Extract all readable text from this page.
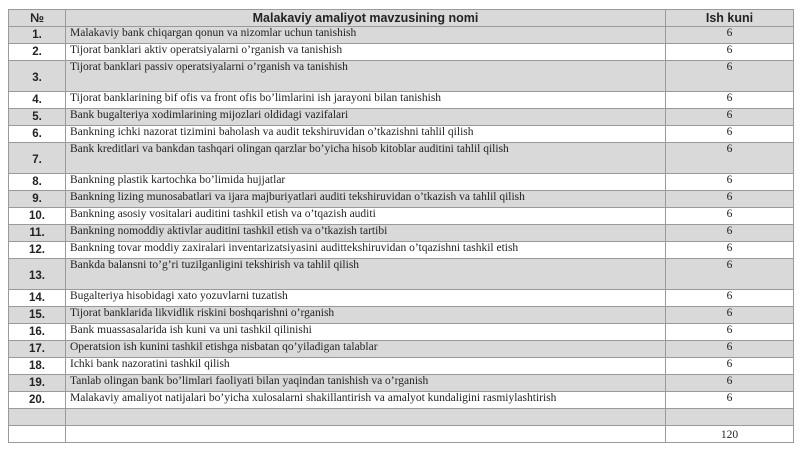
№	Malakaviy amaliyot mavzusining nomi	Ish kuni
1.	Malakaviy bank chiqargan qonun va nizomlar uchun tanishish	6
2.	Tijorat banklari aktiv operatsiyalarni o’rganish va tanishish	6
3.	Tijorat banklari passiv operatsiyalarni o’rganish va tanishish	6
4.	Tijorat banklarining bif ofis va front ofis bo’limlarini ish jarayoni bilan tanishish	6
5.	Bank bugalteriya xodimlarining mijozlari oldidagi vazifalari	6
6.	Bankning ichki nazorat tizimini baholash va audit tekshiruvidan o’tkazishni tahlil qilish	6
7.	Bank kreditlari va bankdan tashqari olingan qarzlar bo’yicha hisob kitoblar auditini tahlil qilish	6
8.	Bankning plastik kartochka bo’limida hujjatlar	6
9.	Bankning lizing munosabatlari va ijara majburiyatlari auditi tekshiruvidan o’tkazish va tahlil qilish	6
10.	Bankning asosiy vositalari auditini tashkil etish va o’tqazish auditi	6
11.	Bankning nomoddiy aktivlar auditini tashkil etish va o’tkazish tartibi	6
12.	Bankning tovar moddiy zaxiralari inventarizatsiyasini audittekshiruvidan o’tqazishni tashkil etish	6
13.	Bankda balansni to’g’ri tuzilganligini tekshirish va tahlil qilish	6
14.	Bugalteriya hisobidagi xato yozuvlarni tuzatish	6
15.	Tijorat banklarida likvidlik riskini boshqarishni o’rganish	6
16.	Bank muassasalarida ish kuni va uni tashkil qilinishi	6
17.	Operatsion ish kunini tashkil etishga nisbatan qo’yiladigan talablar	6
18.	Ichki bank nazoratini tashkil qilish	6
19.	Tanlab olingan bank bo’limlari faoliyati bilan yaqindan tanishish va o’rganish	6
20.	Malakaviy amaliyot natijalari bo’yicha xulosalarni shakillantirish va amalyot kundaligini rasmiylashtirish	6

		120
